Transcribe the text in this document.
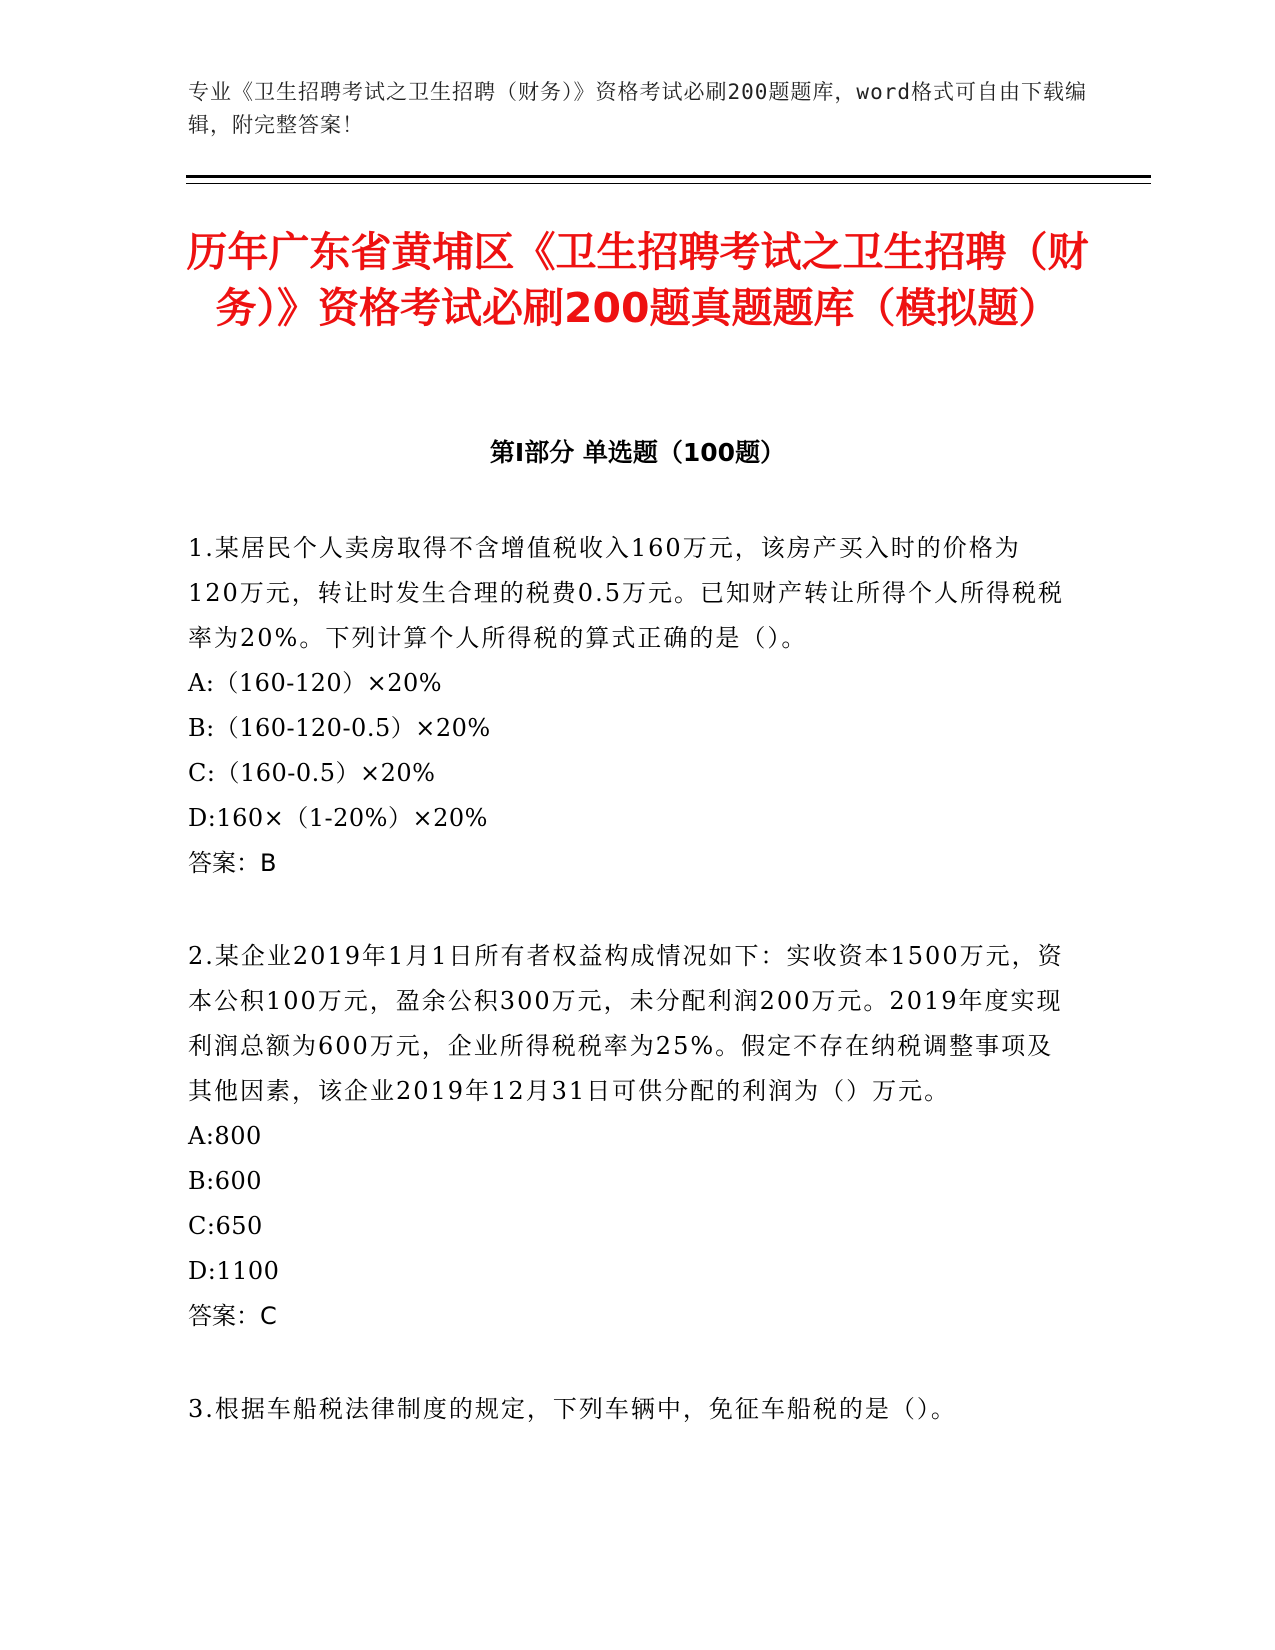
专业《卫生招聘考试之卫生招聘（财务）》资格考试必刷200题题库，word格式可自由下载编辑，附完整答案！
历年广东省黄埔区《卫生招聘考试之卫生招聘（财务）》资格考试必刷200题真题题库（模拟题）
第I部分 单选题（100题）

1.某居民个人卖房取得不含增值税收入160万元，该房产买入时的价格为120万元，转让时发生合理的税费0.5万元。已知财产转让所得个人所得税税率为20%。下列计算个人所得税的算式正确的是（）。

A:（160-120）×20%

B:（160-120-0.5）×20%

C:（160-0.5）×20%

D:160×（1-20%）×20%

答案：B

2.某企业2019年1月1日所有者权益构成情况如下：实收资本1500万元，资本公积100万元，盈余公积300万元，未分配利润200万元。2019年度实现利润总额为600万元，企业所得税税率为25%。假定不存在纳税调整事项及其他因素，该企业2019年12月31日可供分配的利润为（）万元。

A:800

B:600

C:650

D:1100

答案：C

3.根据车船税法律制度的规定，下列车辆中，免征车船税的是（）。
